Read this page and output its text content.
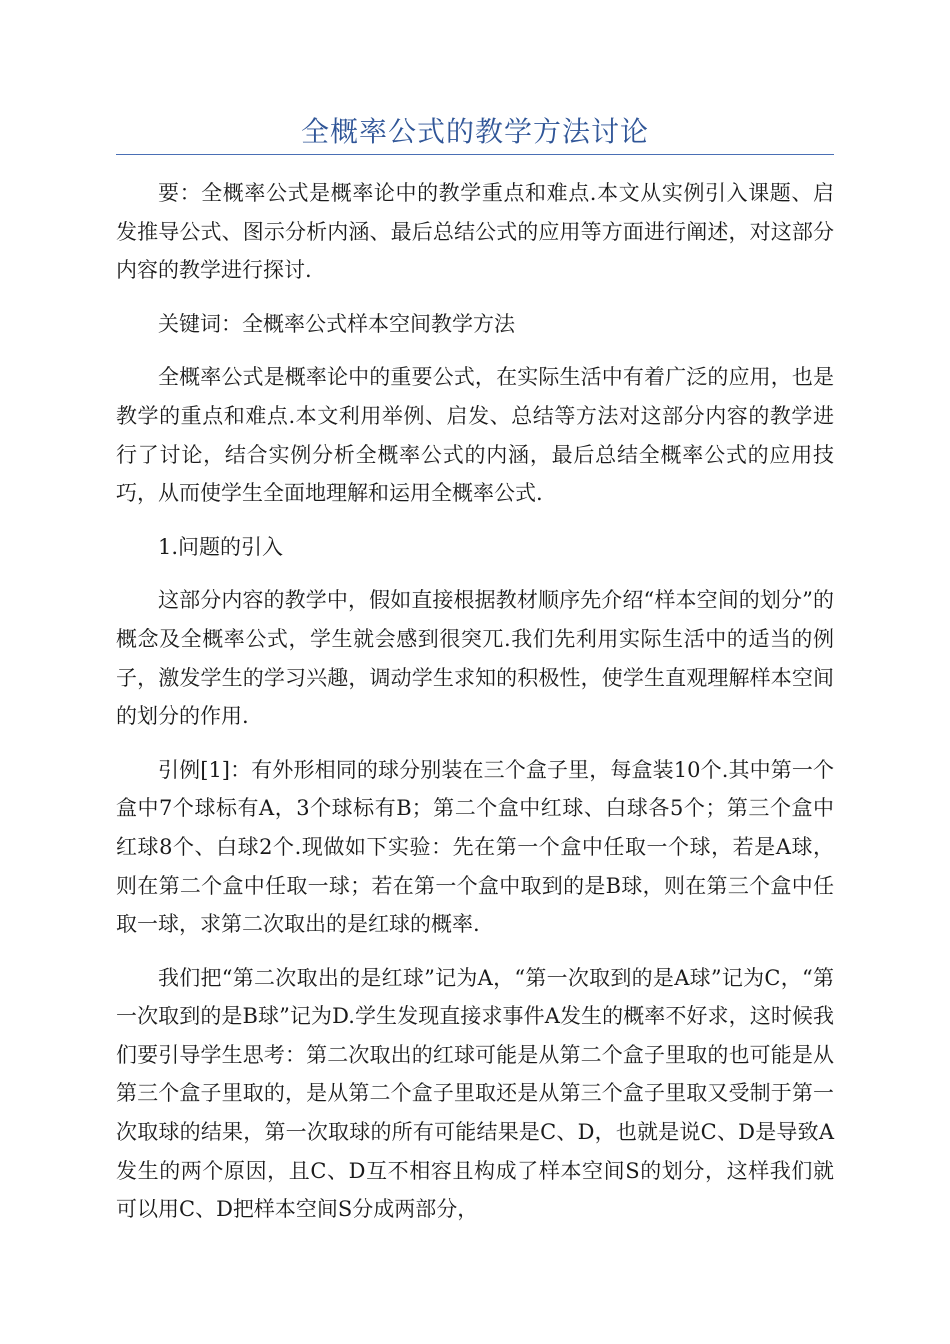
全概率公式的教学方法讨论

要：全概率公式是概率论中的教学重点和难点.本文从实例引入课题、启发推导公式、图示分析内涵、最后总结公式的应用等方面进行阐述，对这部分内容的教学进行探讨.

关键词：全概率公式样本空间教学方法

全概率公式是概率论中的重要公式，在实际生活中有着广泛的应用，也是教学的重点和难点.本文利用举例、启发、总结等方法对这部分内容的教学进行了讨论，结合实例分析全概率公式的内涵，最后总结全概率公式的应用技巧，从而使学生全面地理解和运用全概率公式.

1.问题的引入

这部分内容的教学中，假如直接根据教材顺序先介绍“样本空间的划分”的概念及全概率公式，学生就会感到很突兀.我们先利用实际生活中的适当的例子，激发学生的学习兴趣，调动学生求知的积极性，使学生直观理解样本空间的划分的作用.

引例[1]：有外形相同的球分别装在三个盒子里，每盒装10个.其中第一个盒中7个球标有A，3个球标有B；第二个盒中红球、白球各5个；第三个盒中红球8个、白球2个.现做如下实验：先在第一个盒中任取一个球，若是A球，则在第二个盒中任取一球；若在第一个盒中取到的是B球，则在第三个盒中任取一球，求第二次取出的是红球的概率.

我们把“第二次取出的是红球”记为A，“第一次取到的是A球”记为C，“第一次取到的是B球”记为D.学生发现直接求事件A发生的概率不好求，这时候我们要引导学生思考：第二次取出的红球可能是从第二个盒子里取的也可能是从第三个盒子里取的，是从第二个盒子里取还是从第三个盒子里取又受制于第一次取球的结果，第一次取球的所有可能结果是C、D，也就是说C、D是导致A发生的两个原因，且C、D互不相容且构成了样本空间S的划分，这样我们就可以用C、D把样本空间S分成两部分，
